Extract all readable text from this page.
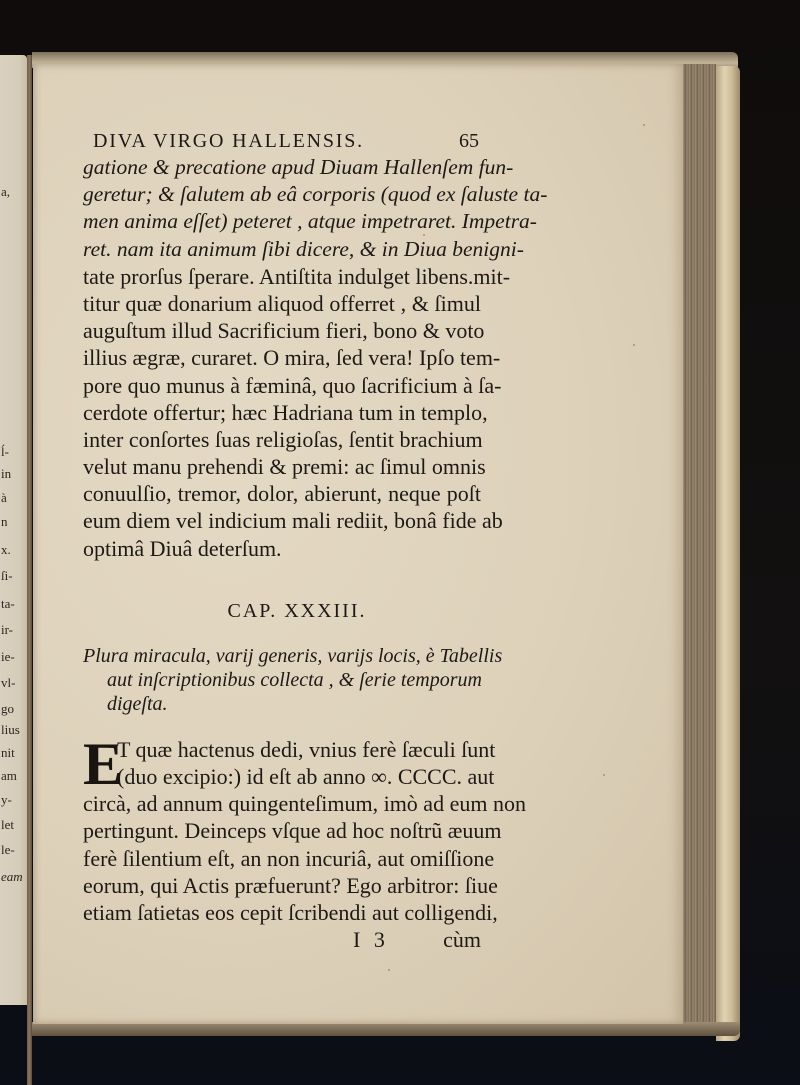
a,
ĺ-
in
à
n
x.
ſi-
ta-
ir-
ie-
vl-
go
lius
nit
am
y-
let
le-
eam
DIVA VIRGO HALLENSIS.	65
gatione & precatione apud Diuam Hallenſem fun-
geretur; & ſalutem ab eâ corporis (quod ex ſaluste ta-
men anima eſſet) peteret , atque impetraret. Impetra-
ret. nam ita animum ſibi dicere, & in Diua benigni-
tate prorſus ſperare. Antiſtita indulget libens.mit-
titur quæ donarium aliquod offerret , & ſimul
auguſtum illud Sacrificium fieri, bono & voto
illius ægræ, curaret. O mira, ſed vera! Ipſo tem-
pore quo munus à fæminâ, quo ſacrificium à ſa-
cerdote offertur; hæc Hadriana tum in templo,
inter conſortes ſuas religioſas, ſentit brachium
velut manu prehendi & premi: ac ſimul omnis
conuulſio, tremor, dolor, abierunt, neque poſt
eum diem vel indicium mali rediit, bonâ fide ab
optimâ Diuâ deterſum.
CAP. XXXIII.
Plura miracula, varij generis, varijs locis, è Tabellis
aut inſcriptionibus collecta , & ſerie temporum
digeſta.
E
T quæ hactenus dedi, vnius ferè ſæculi ſunt
(duo excipio:) id eſt ab anno ∞. CCCC. aut
circà, ad annum quingenteſimum, imò ad eum non
pertingunt. Deinceps vſque ad hoc noſtrũ æuum
ferè ſilentium eſt, an non incuriâ, aut omiſſione
eorum, qui Actis præfuerunt? Ego arbitror: ſiue
etiam ſatietas eos cepit ſcribendi aut colligendi,
I 3 cùm
